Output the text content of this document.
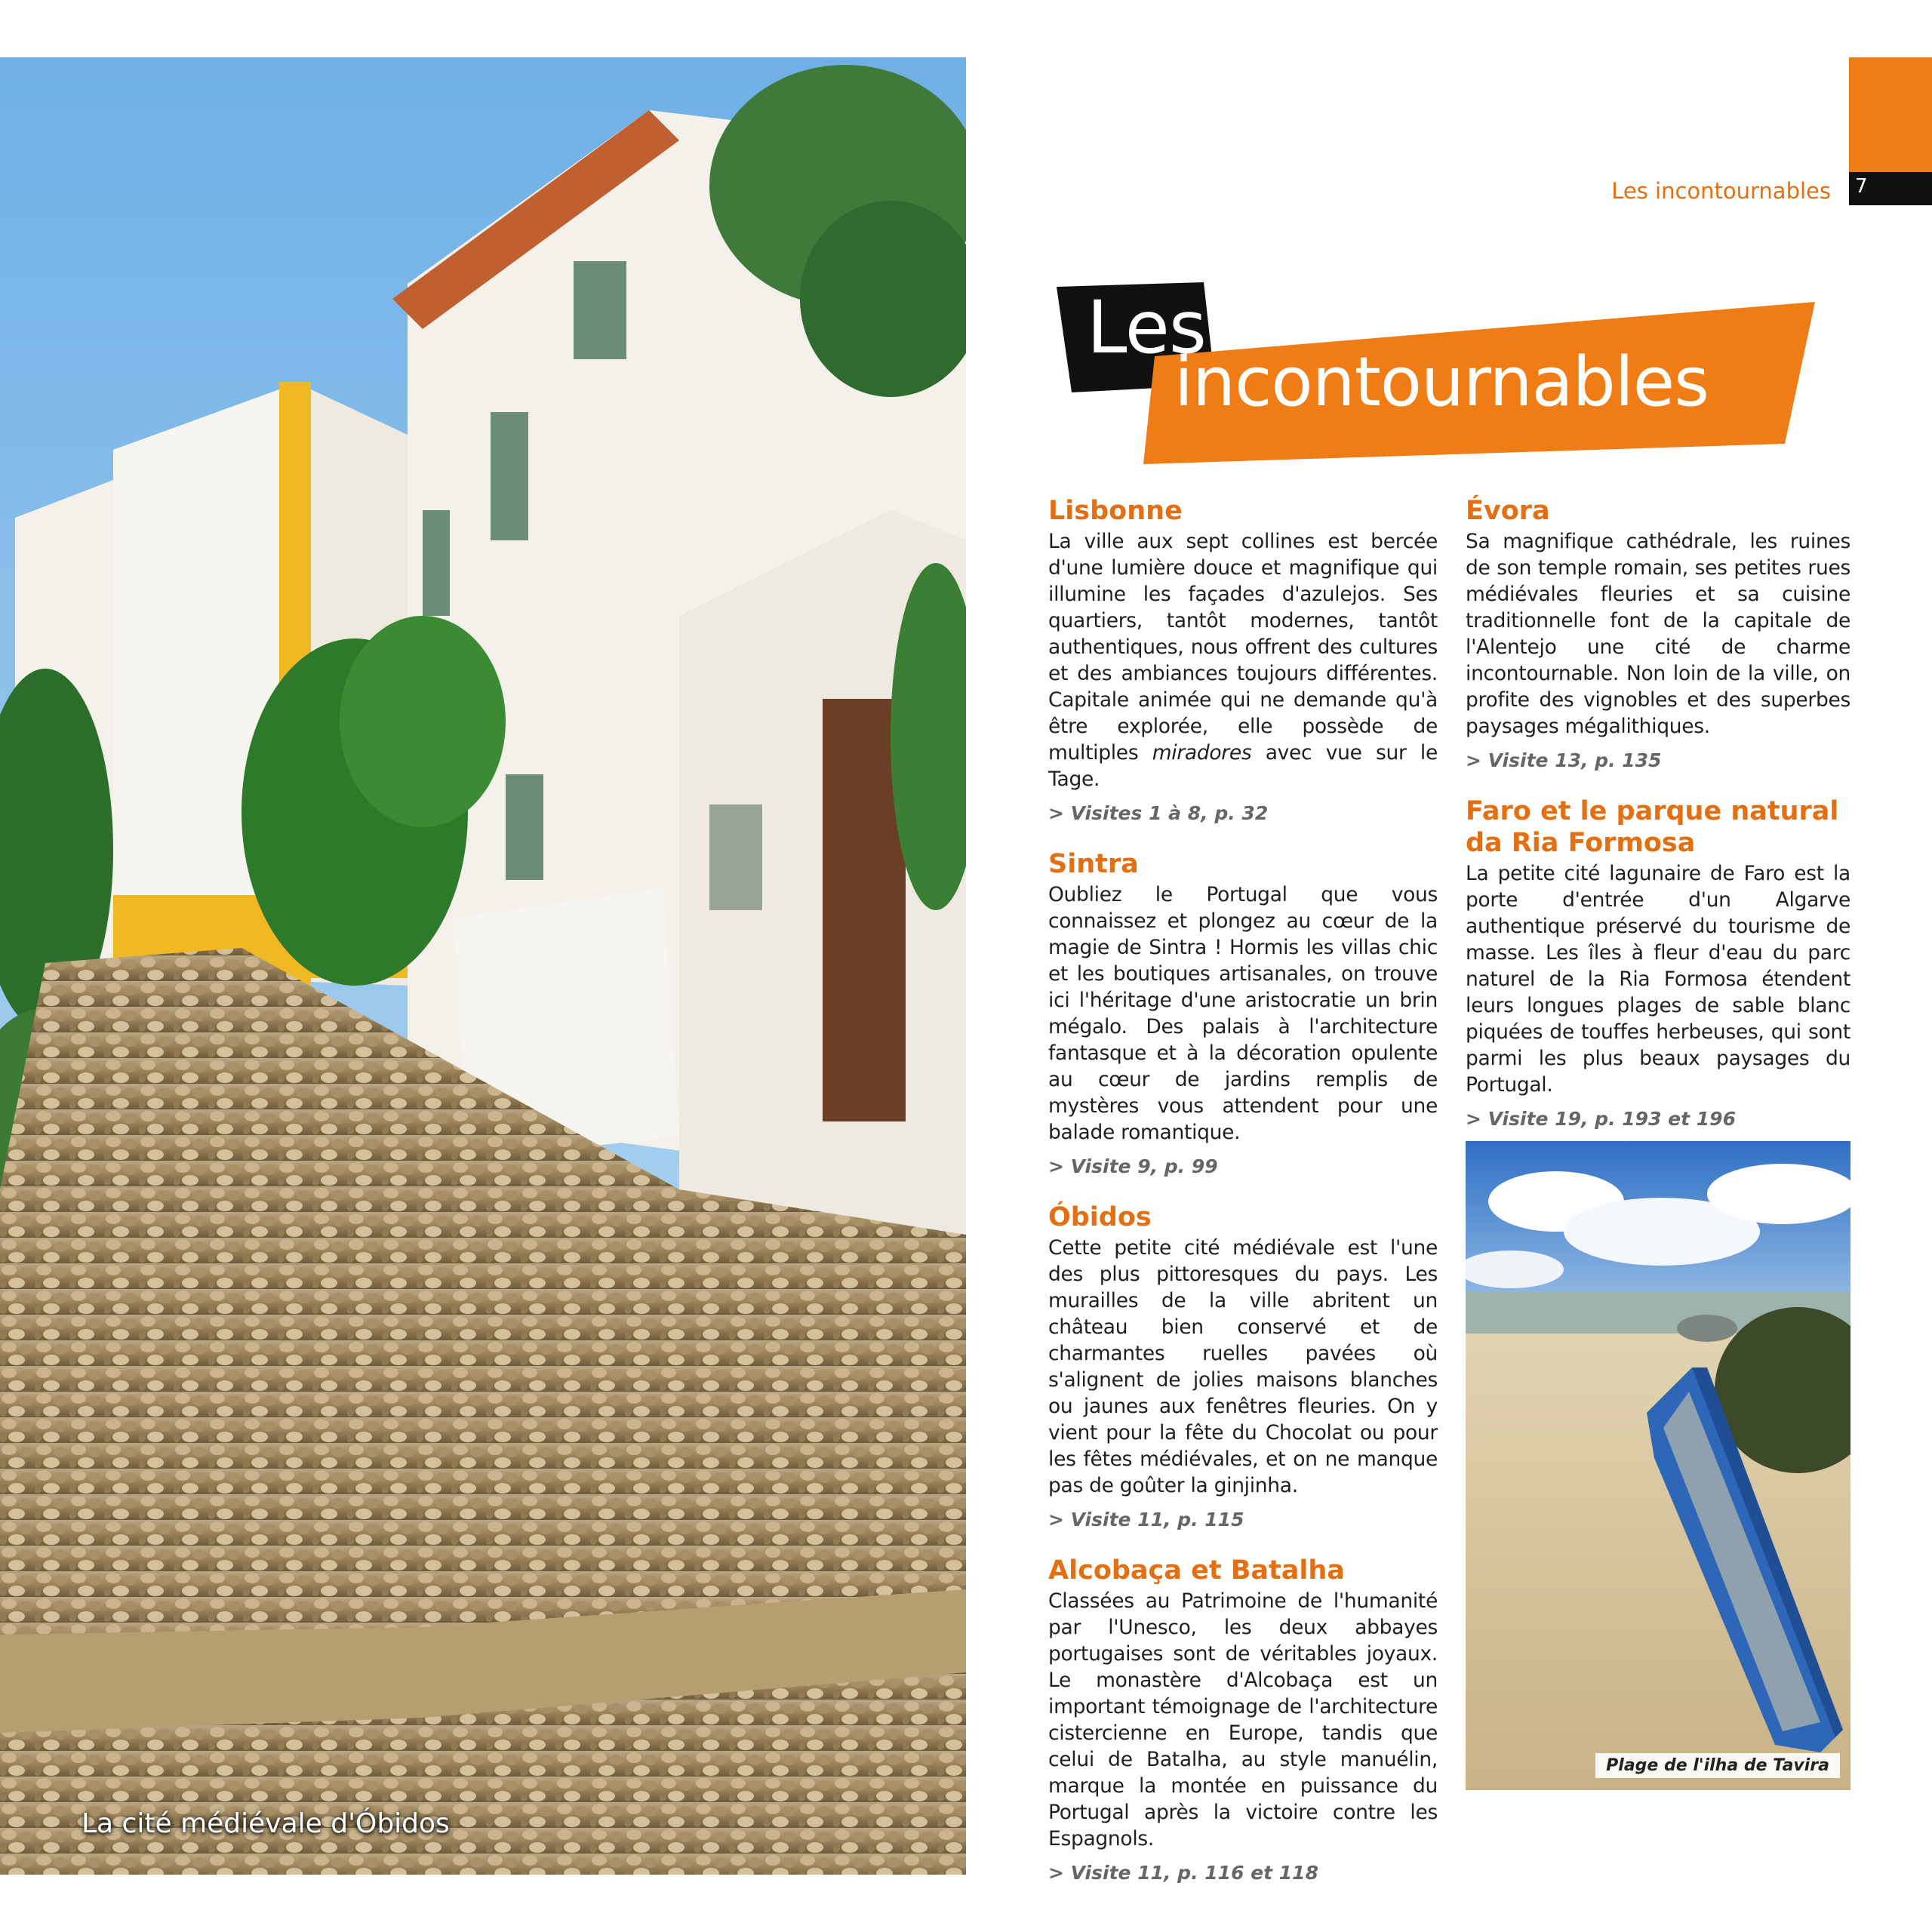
La cité médiévale d'Óbidos
7
Les incontournables
Les
incontournables
Lisbonne

La ville aux sept collines est bercée d'une lumière douce et magnifique qui illumine les façades d'azulejos. Ses quartiers, tantôt modernes, tantôt authentiques, nous offrent des cultures et des ambiances toujours différentes. Capitale animée qui ne demande qu'à être explorée, elle possède de multiples miradores avec vue sur le Tage.

> Visites 1 à 8, p. 32
Sintra

Oubliez le Portugal que vous connaissez et plongez au cœur de la magie de Sintra ! Hormis les villas chic et les boutiques artisanales, on trouve ici l'héritage d'une aristocratie un brin mégalo. Des palais à l'architecture fantasque et à la décoration opulente au cœur de jardins remplis de mystères vous attendent pour une balade romantique.

> Visite 9, p. 99
Óbidos

Cette petite cité médiévale est l'une des plus pittoresques du pays. Les murailles de la ville abritent un château bien conservé et de charmantes ruelles pavées où s'alignent de jolies maisons blanches ou jaunes aux fenêtres fleuries. On y vient pour la fête du Chocolat ou pour les fêtes médiévales, et on ne manque pas de goûter la ginjinha.

> Visite 11, p. 115
Alcobaça et Batalha

Classées au Patrimoine de l'humanité par l'Unesco, les deux abbayes portugaises sont de véritables joyaux. Le monastère d'Alcobaça est un important témoignage de l'architecture cistercienne en Europe, tandis que celui de Batalha, au style manuélin, marque la montée en puissance du Portugal après la victoire contre les Espagnols.

> Visite 11, p. 116 et 118
Évora

Sa magnifique cathédrale, les ruines de son temple romain, ses petites rues médiévales fleuries et sa cuisine traditionnelle font de la capitale de l'Alentejo une cité de charme incontournable. Non loin de la ville, on profite des vignobles et des superbes paysages mégalithiques.

> Visite 13, p. 135
Faro et le parque natural da Ria Formosa

La petite cité lagunaire de Faro est la porte d'entrée d'un Algarve authentique préservé du tourisme de masse. Les îles à fleur d'eau du parc naturel de la Ria Formosa étendent leurs longues plages de sable blanc piquées de touffes herbeuses, qui sont parmi les plus beaux paysages du Portugal.

> Visite 19, p. 193 et 196
Plage de l'ilha de Tavira
